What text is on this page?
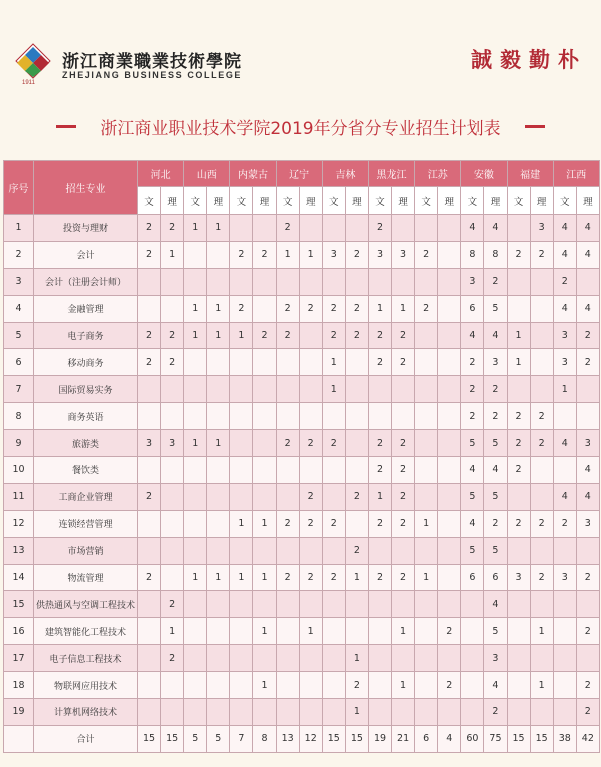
1911
浙江商業職業技術學院
ZHEJIANG BUSINESS COLLEGE
誠 毅 勤 朴
浙江商业职业技术学院2019年分省分专业招生计划表
序号	招生专业	河北		山西		内蒙古		辽宁		吉林		黑龙江		江苏		安徽		福建		江西	
		文	理	文	理	文	理	文	理	文	理	文	理	文	理	文	理	文	理	文	理
1	投资与理财	2	2	1	1			2				2				4	4		3	4	4
2	会计	2	1			2	2	1	1	3	2	3	3	2		8	8	2	2	4	4
3	会计（注册会计师）															3	2			2	
4	金融管理			1	1	2		2	2	2	2	1	1	2		6	5			4	4
5	电子商务	2	2	1	1	1	2	2		2	2	2	2			4	4	1		3	2
6	移动商务	2	2							1		2	2			2	3	1		3	2
7	国际贸易实务									1						2	2			1	
8	商务英语															2	2	2	2		
9	旅游类	3	3	1	1			2	2	2		2	2			5	5	2	2	4	3
10	餐饮类											2	2			4	4	2			4
11	工商企业管理	2							2		2	1	2			5	5			4	4
12	连锁经营管理					1	1	2	2	2		2	2	1		4	2	2	2	2	3
13	市场营销										2					5	5				
14	物流管理	2		1	1	1	1	2	2	2	1	2	2	1		6	6	3	2	3	2
15	供热通风与空调工程技术		2														4				
16	建筑智能化工程技术		1				1		1				1		2		5		1		2
17	电子信息工程技术		2								1						3				
18	物联网应用技术						1				2		1		2		4		1		2
19	计算机网络技术										1						2				2
	合计	15	15	5	5	7	8	13	12	15	15	19	21	6	4	60	75	15	15	38	42
